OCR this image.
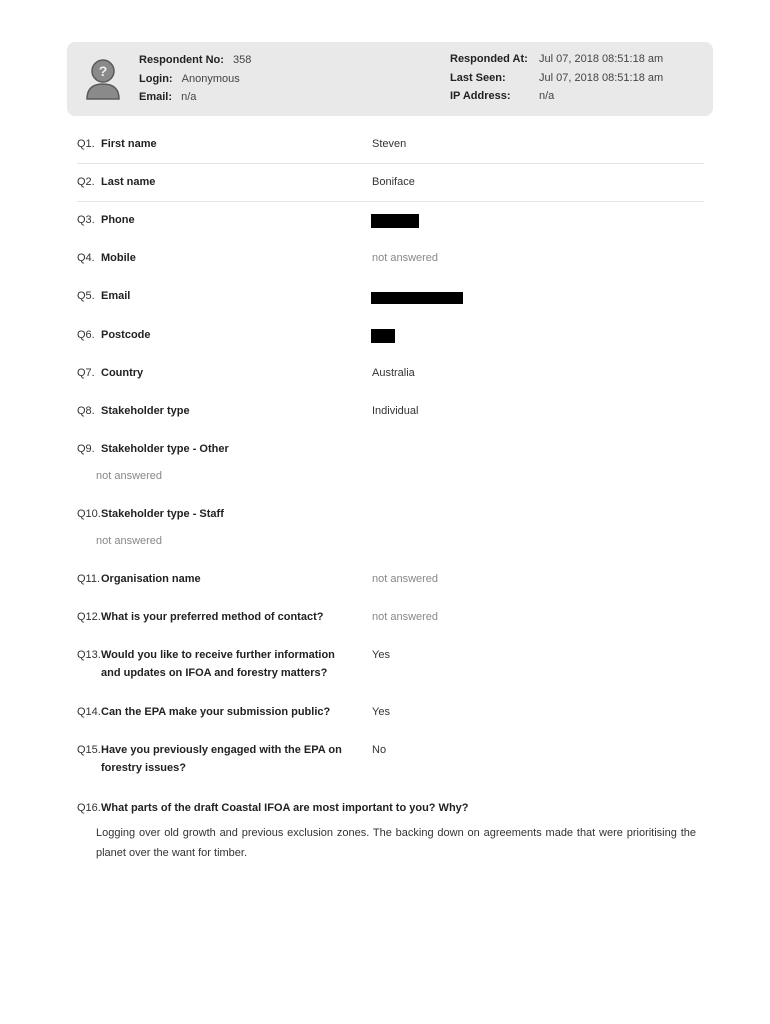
?
Respondent No: 358
Login: Anonymous
Email: n/a
Responded At: Jul 07, 2018 08:51:18 am
Last Seen:	Jul 07, 2018 08:51:18 am
IP Address:	n/a
Q1. First name	Steven
Q2. Last name	Boniface
Q3. Phone
Q4. Mobile	not answered
Q5. Email
Q6. Postcode
Q7. Country	Australia
Q8. Stakeholder type	Individual
Q9. Stakeholder type - Other
not answered
Q10.Stakeholder type - Staff
not answered
Q11.Organisation name	not answered
Q12.What is your preferred method of contact?	not answered
Q13.Would you like to receive further information
and updates on IFOA and forestry matters?
Yes
Q14.Can the EPA make your submission public?	Yes
Q15.Have you previously engaged with the EPA on
forestry issues?
No
Q16.What parts of the draft Coastal IFOA are most important to you? Why?
Logging over old growth and previous exclusion zones. The backing down on agreements made that were prioritising the planet over the want for timber.
